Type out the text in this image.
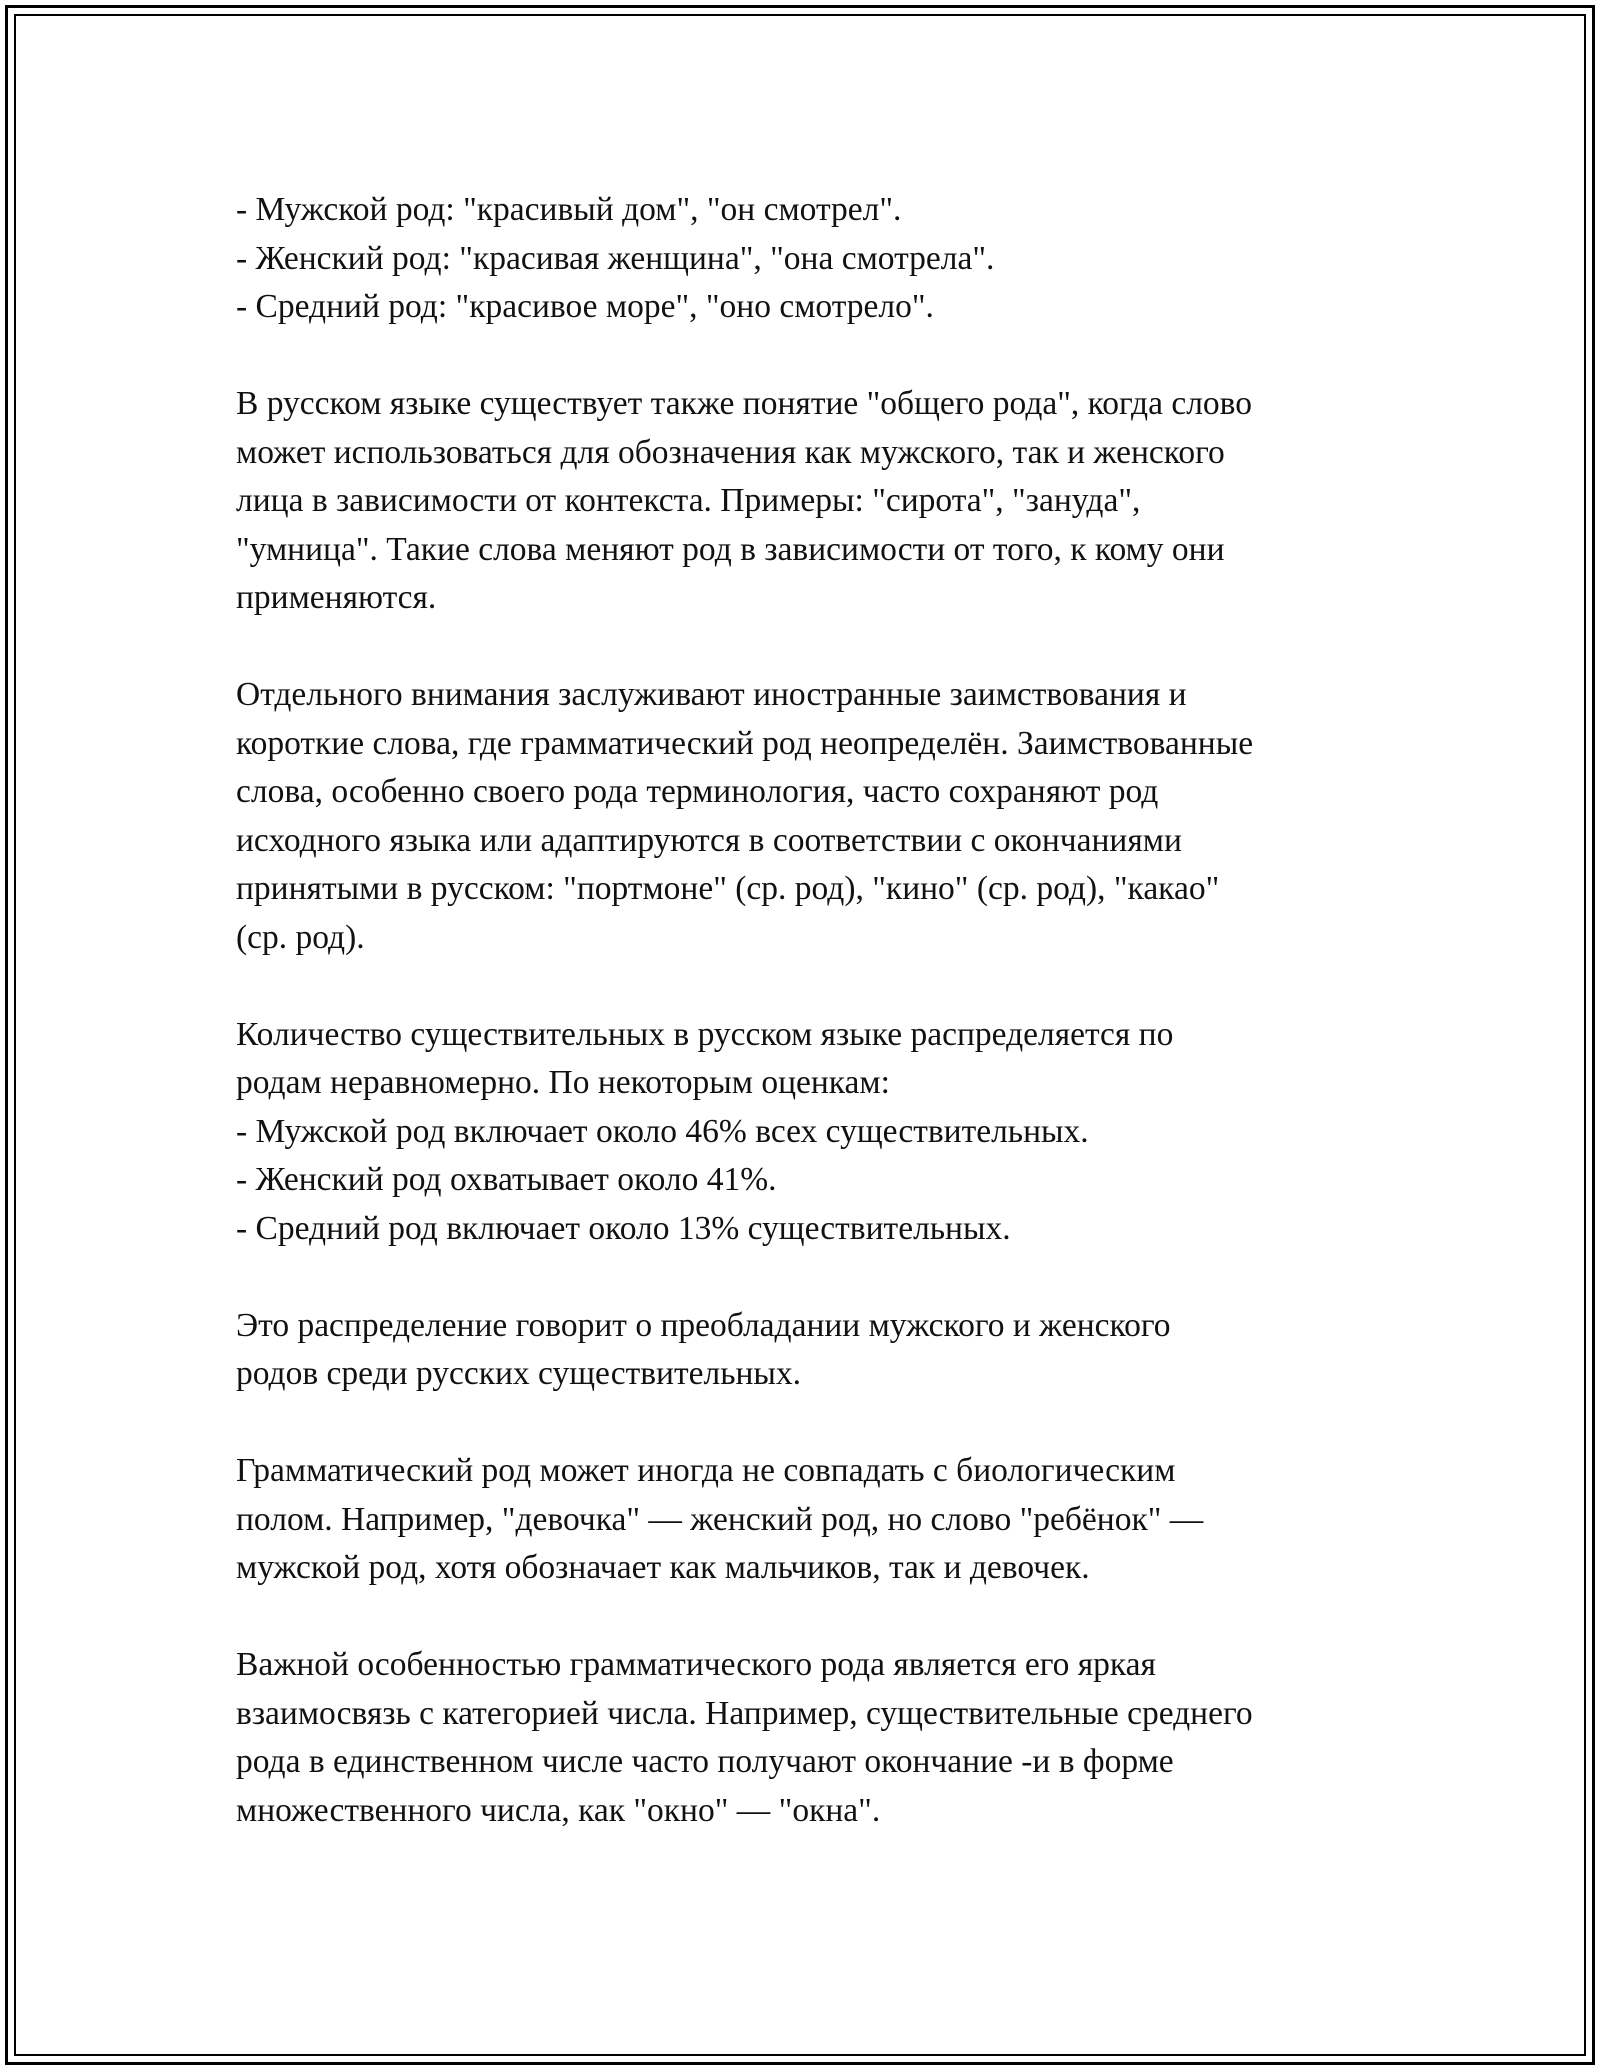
- Мужской род: "красивый дом", "он смотрел".
- Женский род: "красивая женщина", "она смотрела".
- Средний род: "красивое море", "оно смотрело".
В русском языке существует также понятие "общего рода", когда слово
может использоваться для обозначения как мужского, так и женского
лица в зависимости от контекста. Примеры: "сирота", "зануда",
"умница". Такие слова меняют род в зависимости от того, к кому они
применяются.
Отдельного внимания заслуживают иностранные заимствования и
короткие слова, где грамматический род неопределён. Заимствованные
слова, особенно своего рода терминология, часто сохраняют род
исходного языка или адаптируются в соответствии с окончаниями
принятыми в русском: "портмоне" (ср. род), "кино" (ср. род), "какао"
(ср. род).
Количество существительных в русском языке распределяется по
родам неравномерно. По некоторым оценкам:
- Мужской род включает около 46% всех существительных.
- Женский род охватывает около 41%.
- Средний род включает около 13% существительных.
Это распределение говорит о преобладании мужского и женского
родов среди русских существительных.
Грамматический род может иногда не совпадать с биологическим
полом. Например, "девочка" — женский род, но слово "ребёнок" —
мужской род, хотя обозначает как мальчиков, так и девочек.
Важной особенностью грамматического рода является его яркая
взаимосвязь с категорией числа. Например, существительные среднего
рода в единственном числе часто получают окончание -и в форме
множественного числа, как "окно" — "окна".
